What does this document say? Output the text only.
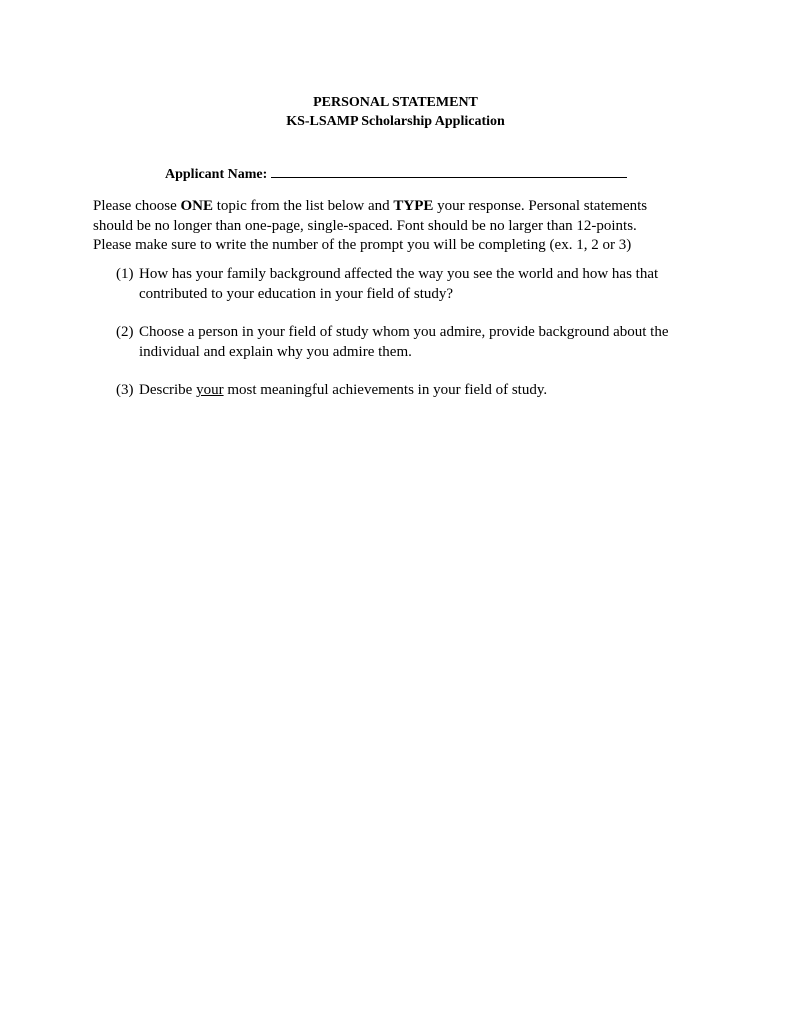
PERSONAL STATEMENT
KS-LSAMP Scholarship Application
Applicant Name:
Please choose ONE topic from the list below and TYPE your response. Personal statements
should be no longer than one-page, single-spaced. Font should be no larger than 12-points.
Please make sure to write the number of the prompt you will be completing (ex. 1, 2 or 3)
(1) How has your family background affected the way you see the world and how has that
contributed to your education in your field of study?
(2) Choose a person in your field of study whom you admire, provide background about the
individual and explain why you admire them.
(3) Describe your most meaningful achievements in your field of study.
